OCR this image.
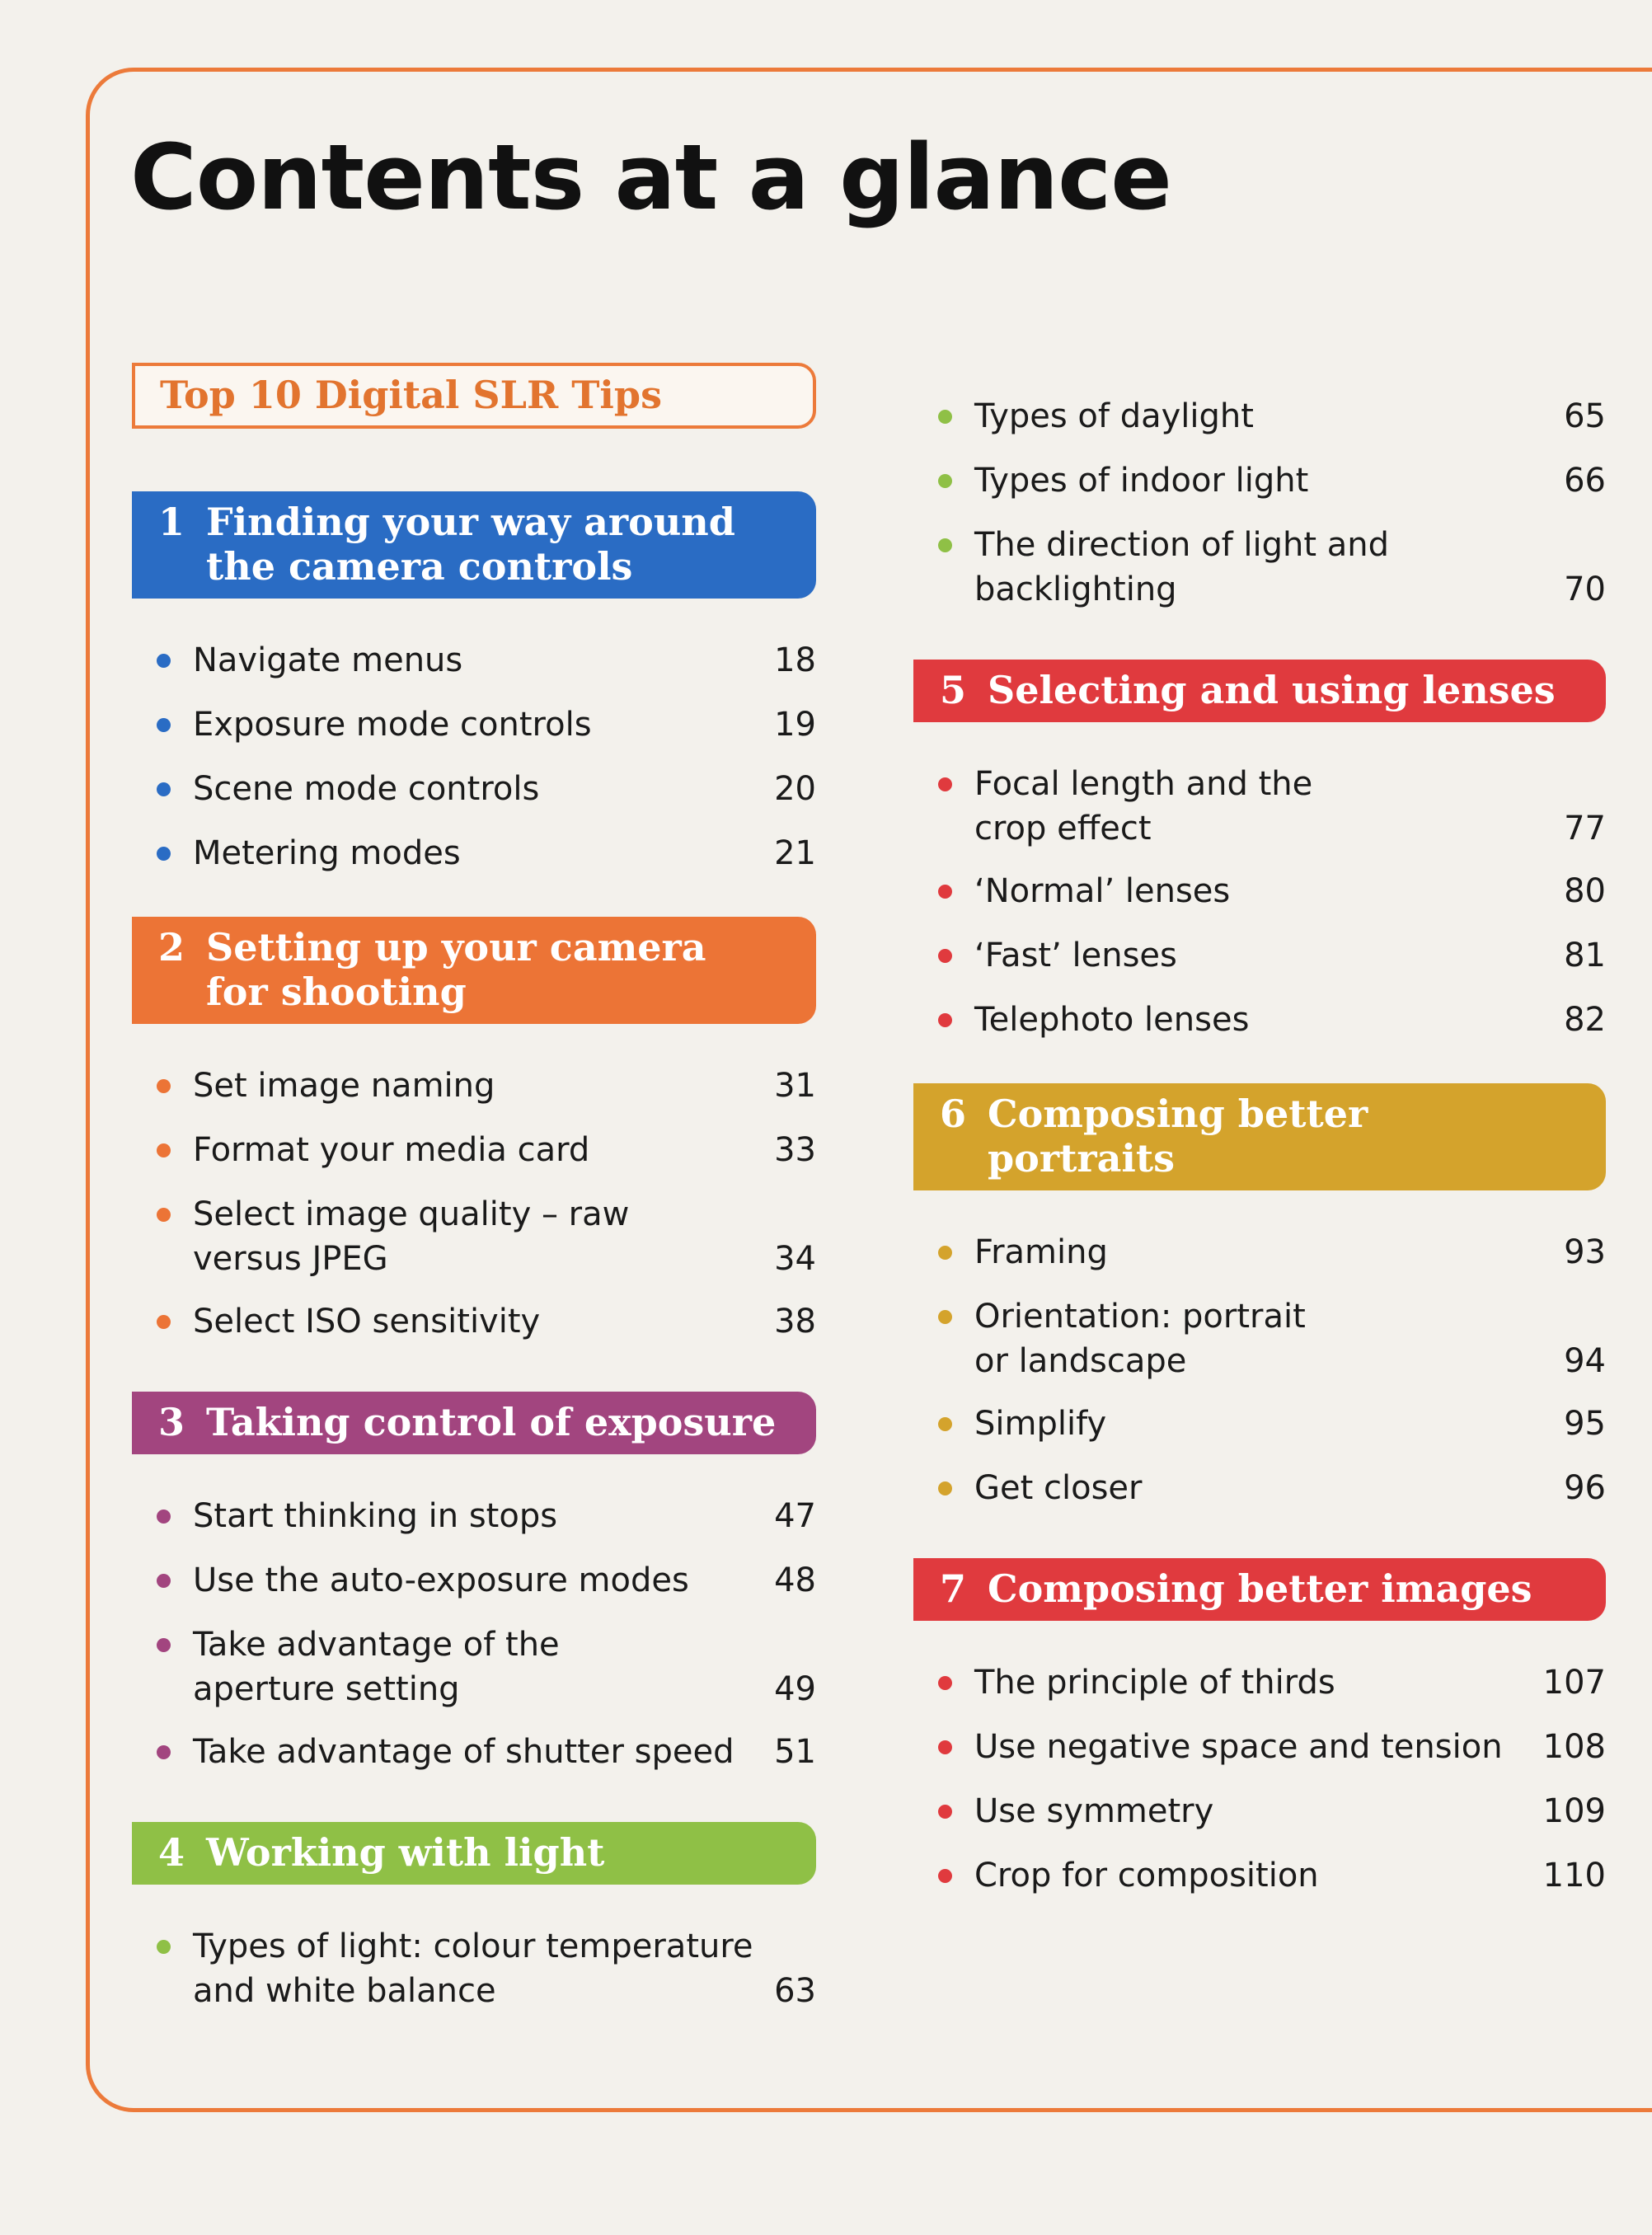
Contents at a glance
Top 10 Digital SLR Tips
1 Finding your way around
the camera controls
Navigate menus	18
Exposure mode controls	19
Scene mode controls	20
Metering modes	21
2 Setting up your camera
for shooting
Set image naming	31
Format your media card	33
Select image quality – raw
versus JPEG	34
Select ISO sensitivity	38
3 Taking control of exposure
Start thinking in stops	47
Use the auto-exposure modes	48
Take advantage of the
aperture setting	49
Take advantage of shutter speed	51
4 Working with light
Types of light: colour temperature
and white balance	63
Types of daylight	65
Types of indoor light	66
The direction of light and
backlighting	70
5 Selecting and using lenses
Focal length and the
crop effect	77
‘Normal’ lenses	80
‘Fast’ lenses	81
Telephoto lenses	82
6 Composing better
portraits
Framing	93
Orientation: portrait
or landscape	94
Simplify	95
Get closer	96
7 Composing better images
The principle of thirds	107
Use negative space and tension	108
Use symmetry	109
Crop for composition	110
